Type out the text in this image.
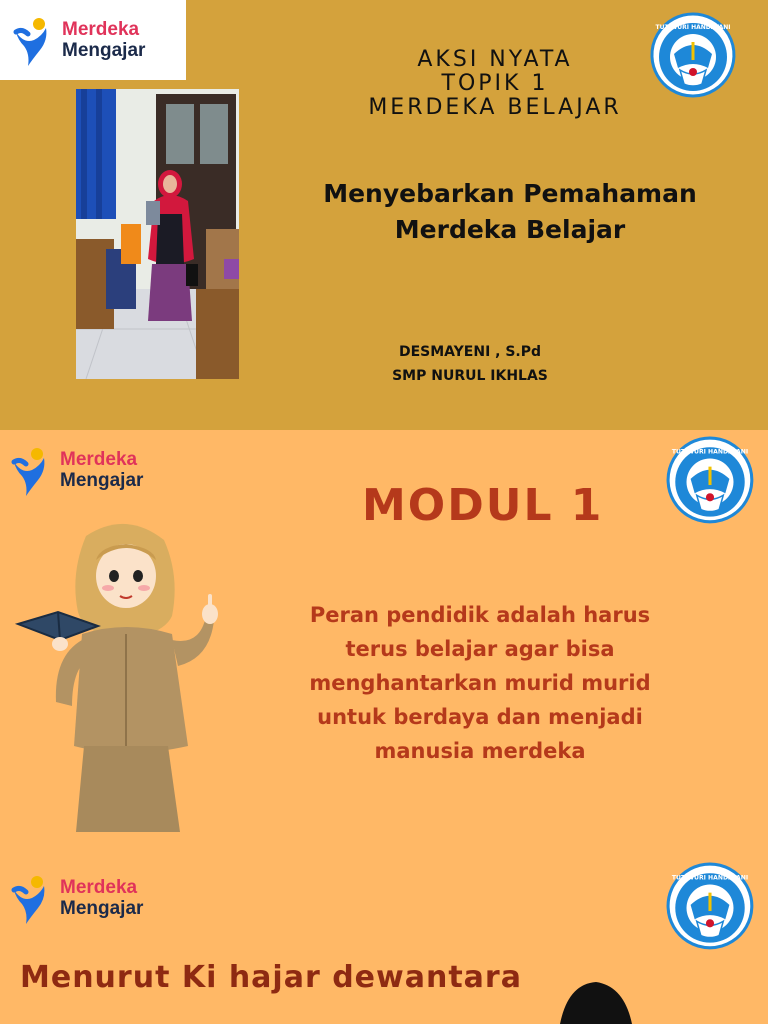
Merdeka
Mengajar	AKSI NYATA
TOPIK 1
MERDEKA BELAJAR
Menyebarkan Pemahaman
Merdeka Belajar
DESMAYENI , S.Pd
SMP NURUL IKHLAS
TUT WURI HANDAYANI
Merdeka
Mengajar	MODUL 1
Peran pendidik adalah harus
terus belajar agar bisa
menghantarkan murid murid
untuk berdaya dan menjadi
manusia merdeka
TUT WURI HANDAYANI
Merdeka
Mengajar
Menurut Ki hajar dewantara
TUT WURI HANDAYANI
